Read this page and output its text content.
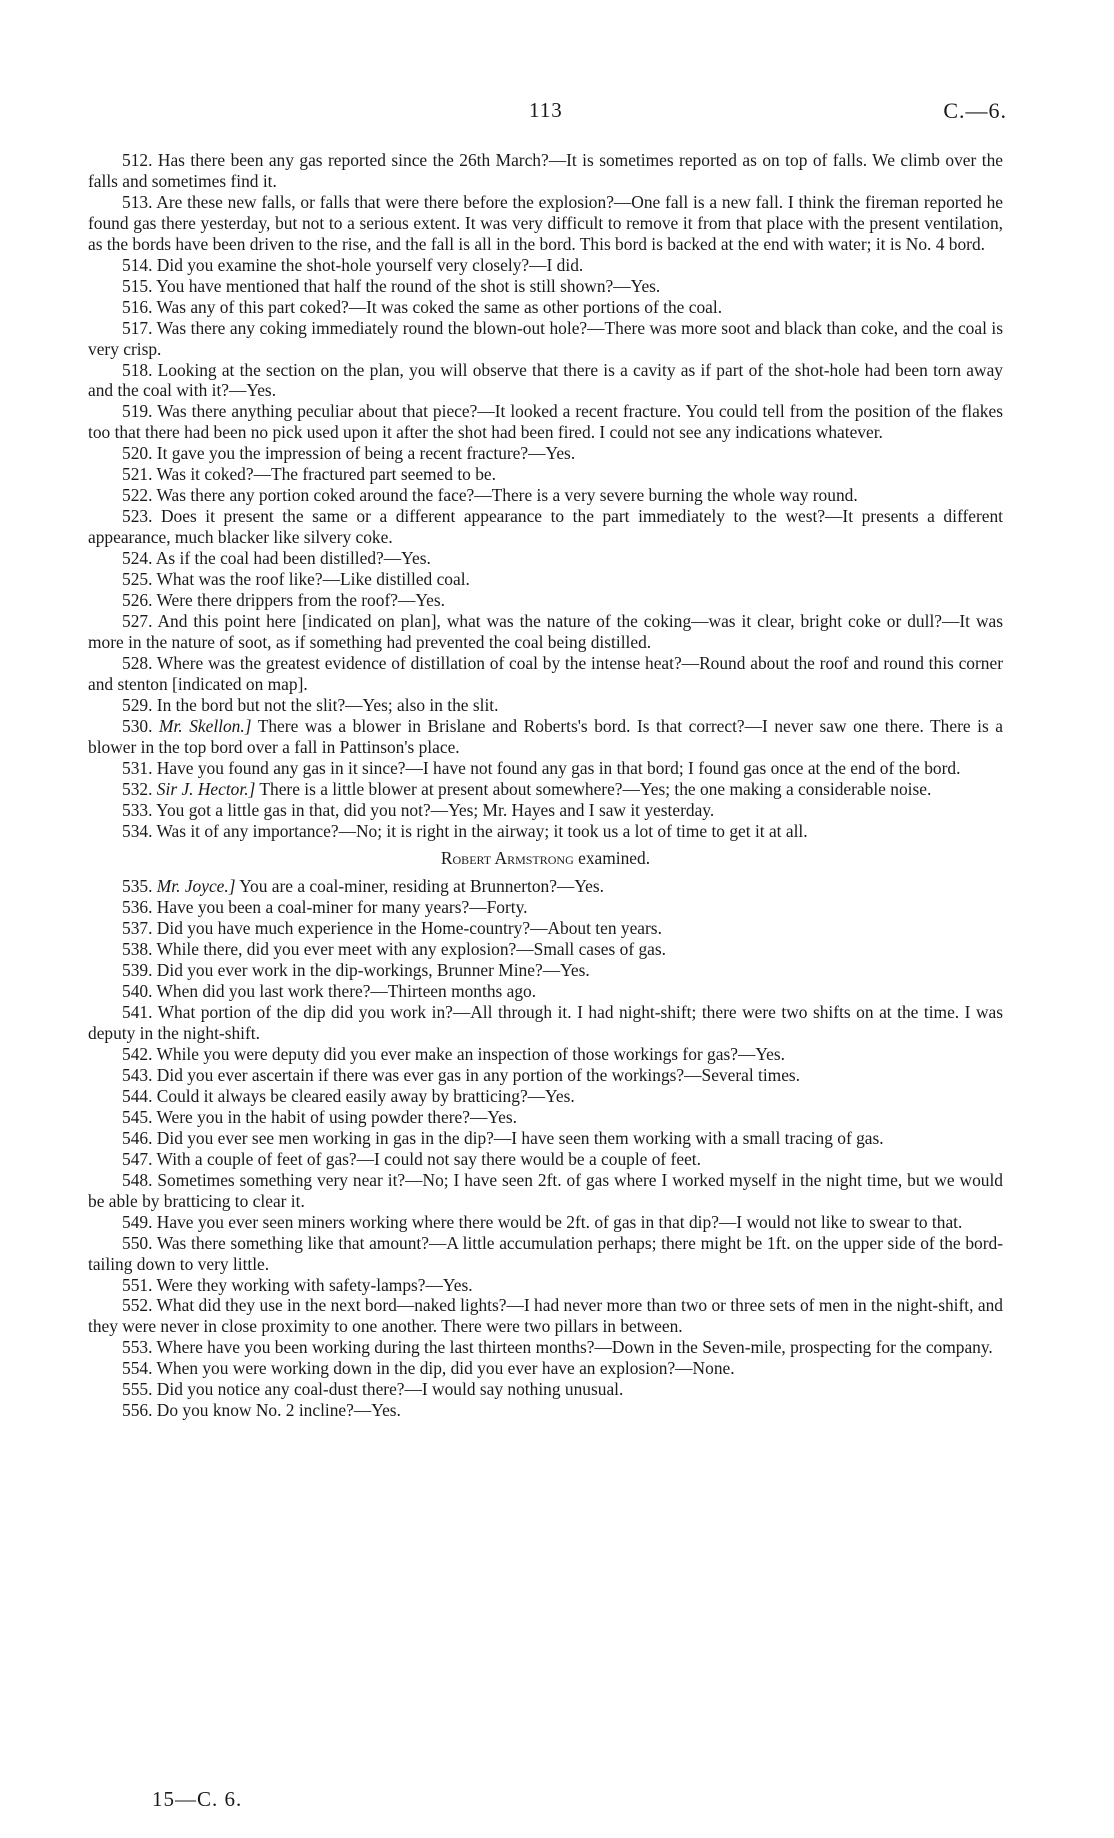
113	C.—6.

512. Has there been any gas reported since the 26th March?—It is sometimes reported as on top of falls. We climb over the falls and sometimes find it.

513. Are these new falls, or falls that were there before the explosion?—One fall is a new fall. I think the fireman reported he found gas there yesterday, but not to a serious extent. It was very difficult to remove it from that place with the present ventilation, as the bords have been driven to the rise, and the fall is all in the bord. This bord is backed at the end with water; it is No. 4 bord.

514. Did you examine the shot-hole yourself very closely?—I did.

515. You have mentioned that half the round of the shot is still shown?—Yes.

516. Was any of this part coked?—It was coked the same as other portions of the coal.

517. Was there any coking immediately round the blown-out hole?—There was more soot and black than coke, and the coal is very crisp.

518. Looking at the section on the plan, you will observe that there is a cavity as if part of the shot-hole had been torn away and the coal with it?—Yes.

519. Was there anything peculiar about that piece?—It looked a recent fracture. You could tell from the position of the flakes too that there had been no pick used upon it after the shot had been fired. I could not see any indications whatever.

520. It gave you the impression of being a recent fracture?—Yes.

521. Was it coked?—The fractured part seemed to be.

522. Was there any portion coked around the face?—There is a very severe burning the whole way round.

523. Does it present the same or a different appearance to the part immediately to the west?—It presents a different appearance, much blacker like silvery coke.

524. As if the coal had been distilled?—Yes.

525. What was the roof like?—Like distilled coal.

526. Were there drippers from the roof?—Yes.

527. And this point here [indicated on plan], what was the nature of the coking—was it clear, bright coke or dull?—It was more in the nature of soot, as if something had prevented the coal being distilled.

528. Where was the greatest evidence of distillation of coal by the intense heat?—Round about the roof and round this corner and stenton [indicated on map].

529. In the bord but not the slit?—Yes; also in the slit.

530. Mr. Skellon.] There was a blower in Brislane and Roberts's bord. Is that correct?—I never saw one there. There is a blower in the top bord over a fall in Pattinson's place.

531. Have you found any gas in it since?—I have not found any gas in that bord; I found gas once at the end of the bord.

532. Sir J. Hector.] There is a little blower at present about somewhere?—Yes; the one making a considerable noise.

533. You got a little gas in that, did you not?—Yes; Mr. Hayes and I saw it yesterday.

534. Was it of any importance?—No; it is right in the airway; it took us a lot of time to get it at all.

Robert Armstrong examined.

535. Mr. Joyce.] You are a coal-miner, residing at Brunnerton?—Yes.

536. Have you been a coal-miner for many years?—Forty.

537. Did you have much experience in the Home-country?—About ten years.

538. While there, did you ever meet with any explosion?—Small cases of gas.

539. Did you ever work in the dip-workings, Brunner Mine?—Yes.

540. When did you last work there?—Thirteen months ago.

541. What portion of the dip did you work in?—All through it. I had night-shift; there were two shifts on at the time. I was deputy in the night-shift.

542. While you were deputy did you ever make an inspection of those workings for gas?—Yes.

543. Did you ever ascertain if there was ever gas in any portion of the workings?—Several times.

544. Could it always be cleared easily away by bratticing?—Yes.

545. Were you in the habit of using powder there?—Yes.

546. Did you ever see men working in gas in the dip?—I have seen them working with a small tracing of gas.

547. With a couple of feet of gas?—I could not say there would be a couple of feet.

548. Sometimes something very near it?—No; I have seen 2ft. of gas where I worked myself in the night time, but we would be able by bratticing to clear it.

549. Have you ever seen miners working where there would be 2ft. of gas in that dip?—I would not like to swear to that.

550. Was there something like that amount?—A little accumulation perhaps; there might be 1ft. on the upper side of the bord-tailing down to very little.

551. Were they working with safety-lamps?—Yes.

552. What did they use in the next bord—naked lights?—I had never more than two or three sets of men in the night-shift, and they were never in close proximity to one another. There were two pillars in between.

553. Where have you been working during the last thirteen months?—Down in the Seven-mile, prospecting for the company.

554. When you were working down in the dip, did you ever have an explosion?—None.

555. Did you notice any coal-dust there?—I would say nothing unusual.

556. Do you know No. 2 incline?—Yes.

15—C. 6.
